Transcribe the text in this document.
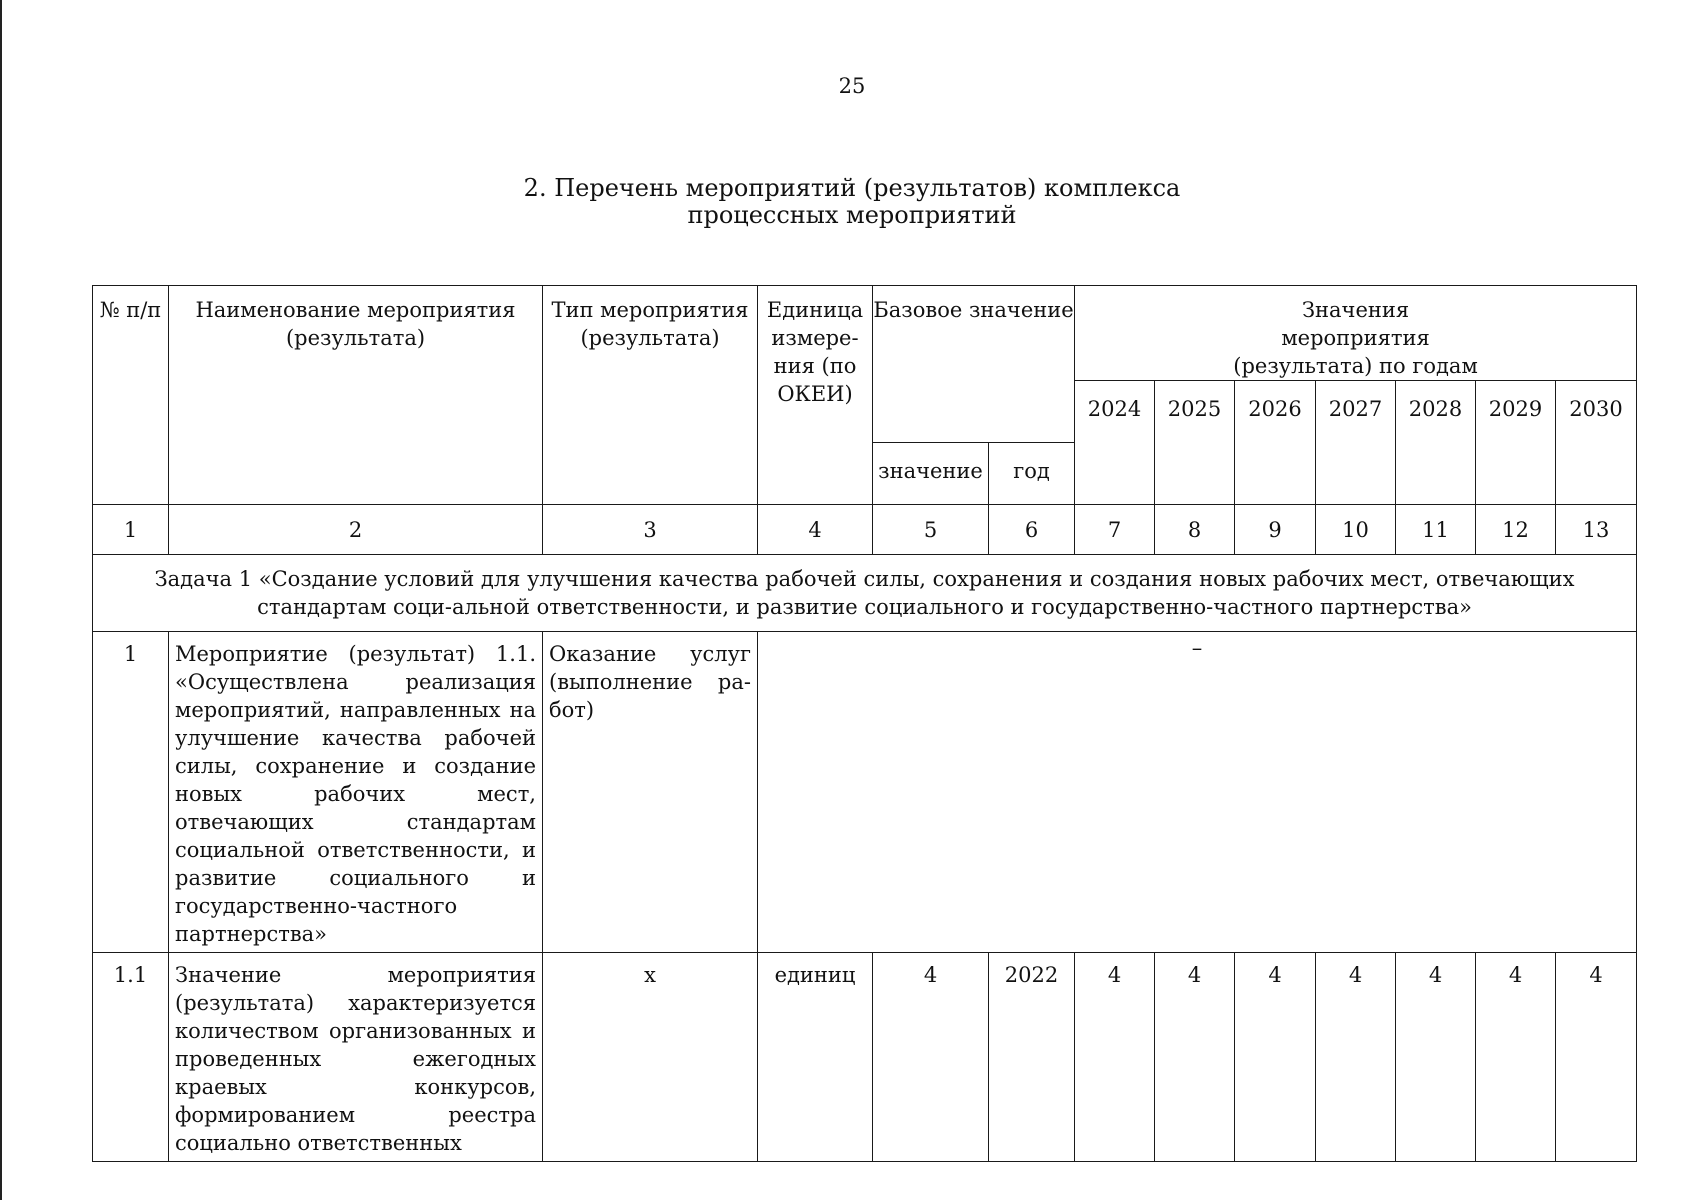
25
2. Перечень мероприятий (результатов) комплекса
процессных мероприятий
№ п/п	Наименование мероприятия (результата)	Тип мероприятия (результата)	Единица измере-ния (по ОКЕИ)	Базовое значение		Значения мероприятия (результата) по годам						
						2024	2025	2026	2027	2028	2029	2030
				значение	год							
1	2	3	4	5	6	7	8	9	10	11	12	13
Задача 1 «Создание условий для улучшения качества рабочей силы, сохранения и создания новых рабочих мест, отвечающих стандартам соци-альной ответственности, и развитие социального и государственно-частного партнерства»												
1	Мероприятие (результат) 1.1. «Осуществлена реализация мероприятий, направленных на улучшение качества рабочей силы, сохранение и создание новых рабочих мест, отвечающих стандартам социальной ответственности, и развитие социального и государственно-частного партнерства»	Оказание услуг (выполнение ра-бот)	–									
1.1	Значение мероприятия (результата) характеризуется количеством организованных и проведенных ежегодных краевых конкурсов, формированием реестра социально ответственных	х	единиц	4	2022	4	4	4	4	4	4	4
